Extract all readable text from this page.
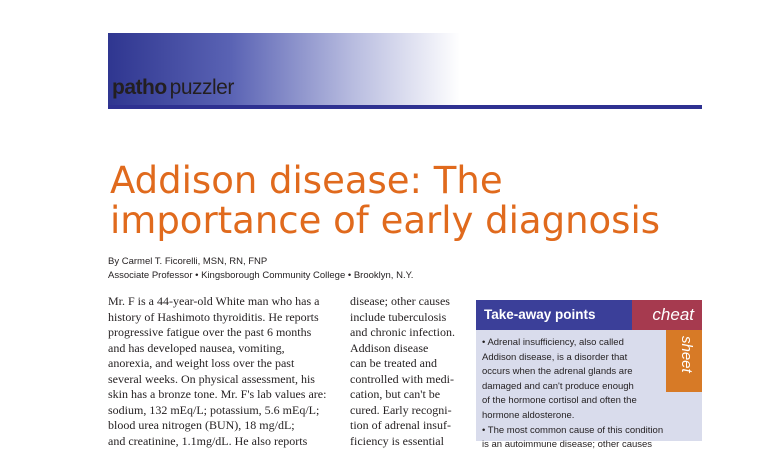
patho puzzler
Addison disease: The
importance of early diagnosis
By Carmel T. Ficorelli, MSN, RN, FNP
Associate Professor • Kingsborough Community College • Brooklyn, N.Y.
Mr. F is a 44-year-old White man who has a
history of Hashimoto thyroiditis. He reports
progressive fatigue over the past 6 months
and has developed nausea, vomiting,
anorexia, and weight loss over the past
several weeks. On physical assessment, his
skin has a bronze tone. Mr. F's lab values are:
sodium, 132 mEq/L; potassium, 5.6 mEq/L;
blood urea nitrogen (BUN), 18 mg/dL;
and creatinine, 1.1mg/dL. He also reports
disease; other causes
include tuberculosis
and chronic infection.
Addison disease
can be treated and
controlled with medi-
cation, but can't be
cured. Early recogni-
tion of adrenal insuf-
ficiency is essential
Take-away points	cheat
sheet
• Adrenal insufficiency, also called
Addison disease, is a disorder that
occurs when the adrenal glands are
damaged and can't produce enough
of the hormone cortisol and often the
hormone aldosterone.
• The most common cause of this condition
is an autoimmune disease; other causes
